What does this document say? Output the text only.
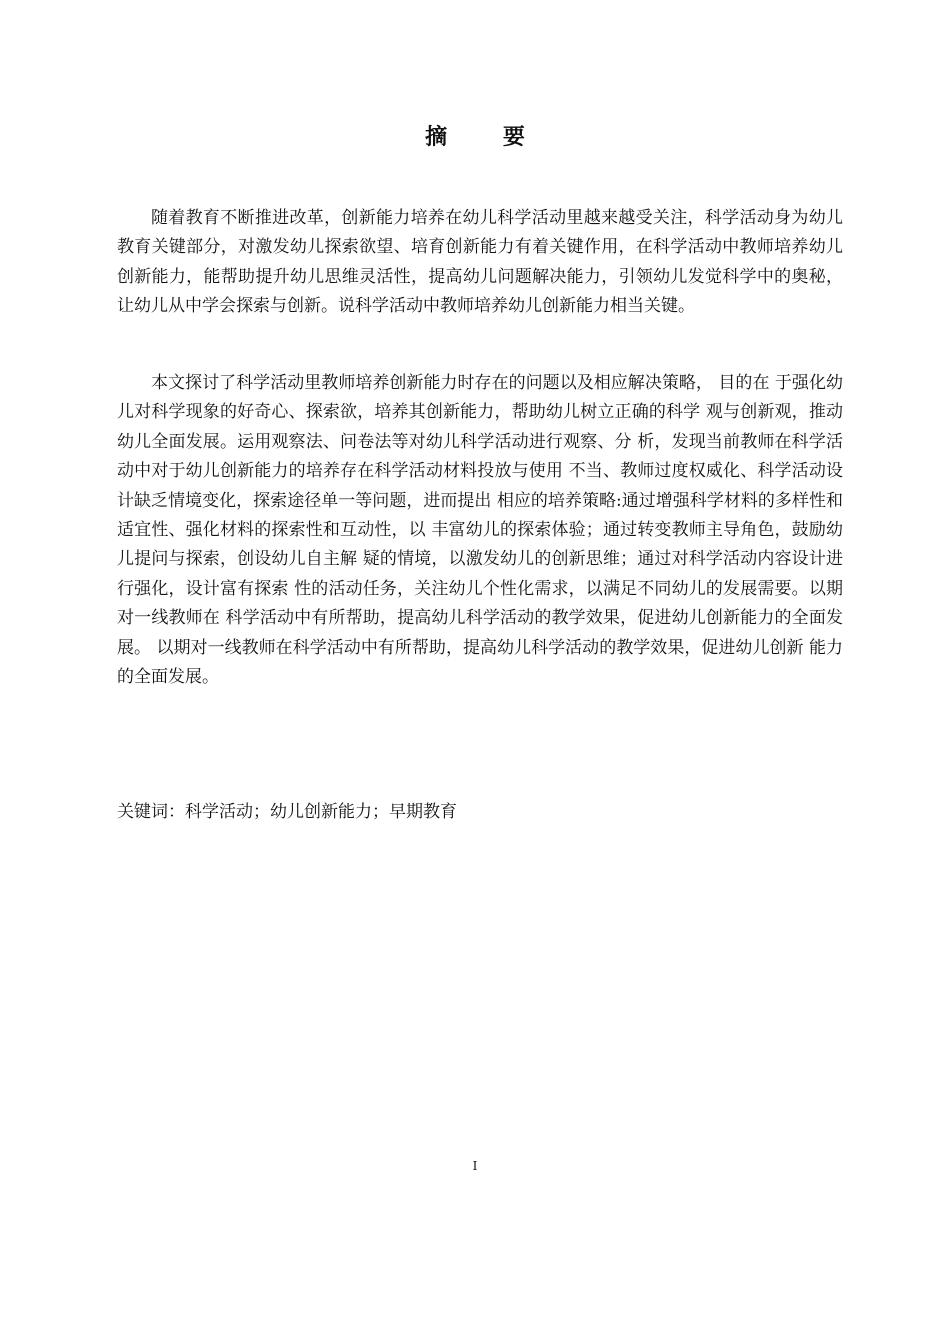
摘 要

随着教育不断推进改革，创新能力培养在幼儿科学活动里越来越受关注，科学活动身为幼儿教育关键部分，对激发幼儿探索欲望、培育创新能力有着关键作用，在科学活动中教师培养幼儿创新能力，能帮助提升幼儿思维灵活性，提高幼儿问题解决能力，引领幼儿发觉科学中的奥秘，让幼儿从中学会探索与创新。说科学活动中教师培养幼儿创新能力相当关键。

本文探讨了科学活动里教师培养创新能力时存在的问题以及相应解决策略， 目的在 于强化幼儿对科学现象的好奇心、探索欲，培养其创新能力，帮助幼儿树立正确的科学 观与创新观，推动幼儿全面发展。运用观察法、问卷法等对幼儿科学活动进行观察、分 析，发现当前教师在科学活动中对于幼儿创新能力的培养存在科学活动材料投放与使用 不当、教师过度权威化、科学活动设计缺乏情境变化，探索途径单一等问题，进而提出 相应的培养策略:通过增强科学材料的多样性和适宜性、强化材料的探索性和互动性，以 丰富幼儿的探索体验；通过转变教师主导角色，鼓励幼儿提问与探索，创设幼儿自主解 疑的情境，以激发幼儿的创新思维；通过对科学活动内容设计进行强化，设计富有探索 性的活动任务，关注幼儿个性化需求，以满足不同幼儿的发展需要。以期对一线教师在 科学活动中有所帮助，提高幼儿科学活动的教学效果，促进幼儿创新能力的全面发展。 以期对一线教师在科学活动中有所帮助，提高幼儿科学活动的教学效果，促进幼儿创新 能力的全面发展。

关键词：科学活动；幼儿创新能力；早期教育
I
